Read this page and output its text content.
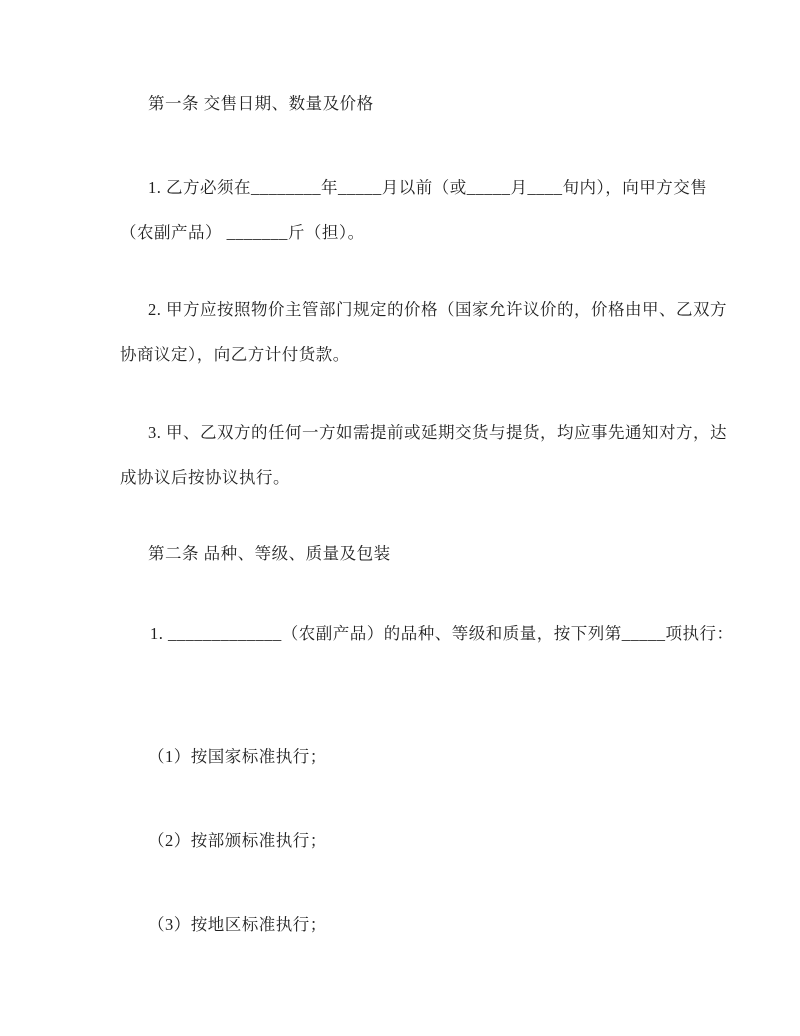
第一条 交售日期、数量及价格
1. 乙方必须在________年_____月以前（或_____月____旬内），向甲方交售
（农副产品） _______斤（担）。
2. 甲方应按照物价主管部门规定的价格（国家允许议价的，价格由甲、乙双方
协商议定），向乙方计付货款。
3. 甲、乙双方的任何一方如需提前或延期交货与提货，均应事先通知对方，达
成协议后按协议执行。
第二条 品种、等级、质量及包装
1. _____________（农副产品）的品种、等级和质量，按下列第_____项执行：
（1）按国家标准执行；
（2）按部颁标准执行；
（3）按地区标准执行；
